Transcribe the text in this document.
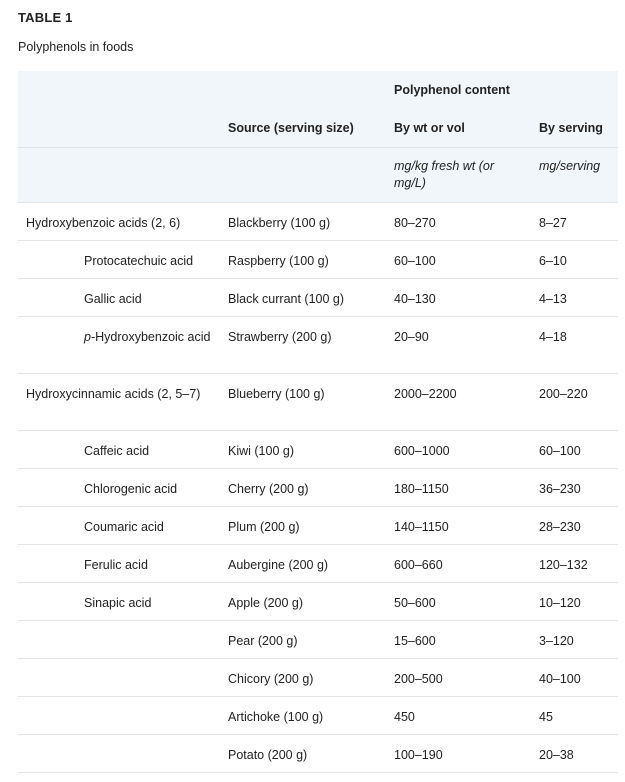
TABLE 1
Polyphenols in foods
		Polyphenol content	
	Source (serving size)	By wt or vol	By serving
		mg/kg fresh wt (or mg/L)	mg/serving
Hydroxybenzoic acids (2, 6)	Blackberry (100 g)	80–270	8–27
Protocatechuic acid	Raspberry (100 g)	60–100	6–10
Gallic acid	Black currant (100 g)	40–130	4–13
p-Hydroxybenzoic acid	Strawberry (200 g)	20–90	4–18
Hydroxycinnamic acids (2, 5–7)	Blueberry (100 g)	2000–2200	200–220
Caffeic acid	Kiwi (100 g)	600–1000	60–100
Chlorogenic acid	Cherry (200 g)	180–1150	36–230
Coumaric acid	Plum (200 g)	140–1150	28–230
Ferulic acid	Aubergine (200 g)	600–660	120–132
Sinapic acid	Apple (200 g)	50–600	10–120
	Pear (200 g)	15–600	3–120
	Chicory (200 g)	200–500	40–100
	Artichoke (100 g)	450	45
	Potato (200 g)	100–190	20–38
